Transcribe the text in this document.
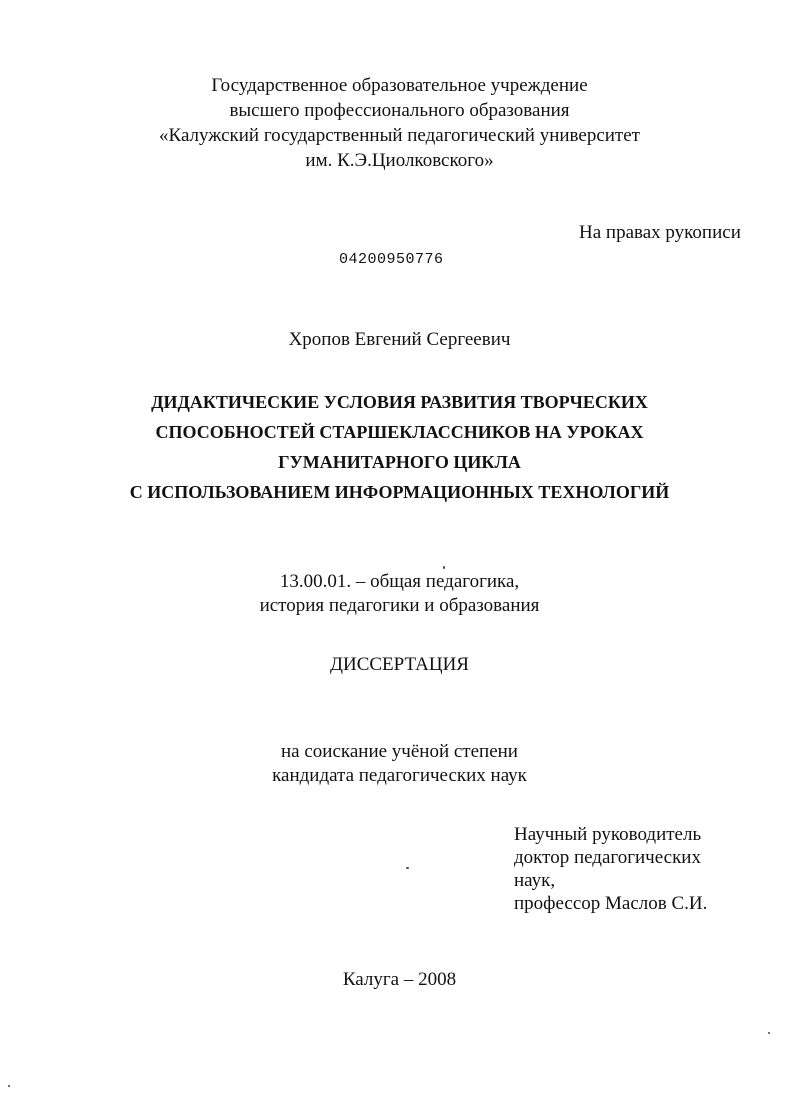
Государственное образовательное учреждение
высшего профессионального образования
«Калужский государственный педагогический университет
им. К.Э.Циолковского»
На правах рукописи
04200950776
Хропов Евгений Сергеевич
ДИДАКТИЧЕСКИЕ УСЛОВИЯ РАЗВИТИЯ ТВОРЧЕСКИХ
СПОСОБНОСТЕЙ СТАРШЕКЛАССНИКОВ НА УРОКАХ
ГУМАНИТАРНОГО ЦИКЛА
С ИСПОЛЬЗОВАНИЕМ ИНФОРМАЦИОННЫХ ТЕХНОЛОГИЙ
13.00.01. – общая педагогика,
история педагогики и образования
ДИССЕРТАЦИЯ
на соискание учёной степени
кандидата педагогических наук
Научный руководитель
доктор педагогических
наук,
профессор Маслов С.И.
Калуга – 2008
